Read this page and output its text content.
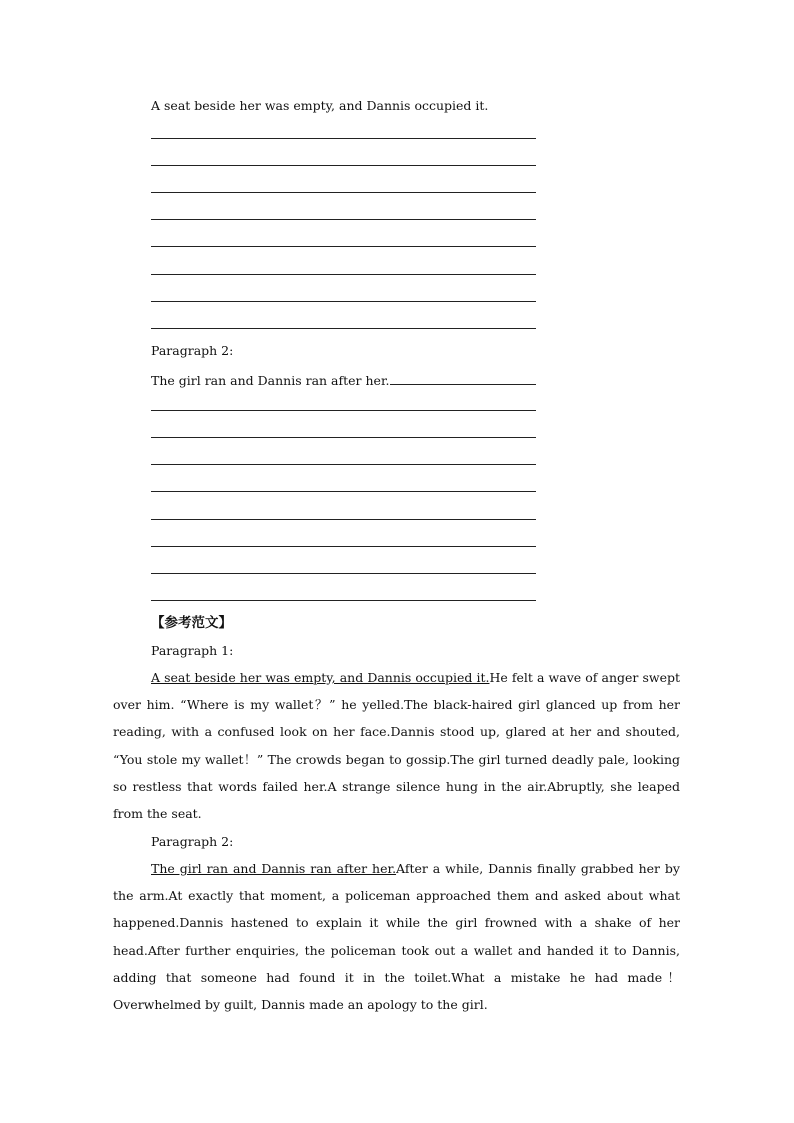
A seat beside her was empty, and Dannis occupied it.
Paragraph 2:
The girl ran and Dannis ran after her.
【参考范文】
Paragraph 1:

A seat beside her was empty, and Dannis occupied it.He felt a wave of anger swept over him. “Where is my wallet？” he yelled.The black-haired girl glanced up from her reading, with a confused look on her face.Dannis stood up, glared at her and shouted, “You stole my wallet！” The crowds began to gossip.The girl turned deadly pale, looking so restless that words failed her.A strange silence hung in the air.Abruptly, she leaped from the seat.

Paragraph 2:

The girl ran and Dannis ran after her.After a while, Dannis finally grabbed her by the arm.At exactly that moment, a policeman approached them and asked about what happened.Dannis hastened to explain it while the girl frowned with a shake of her head.After further enquiries, the policeman took out a wallet and handed it to Dannis, adding that someone had found it in the toilet.What a mistake he had made！Overwhelmed by guilt, Dannis made an apology to the girl.
